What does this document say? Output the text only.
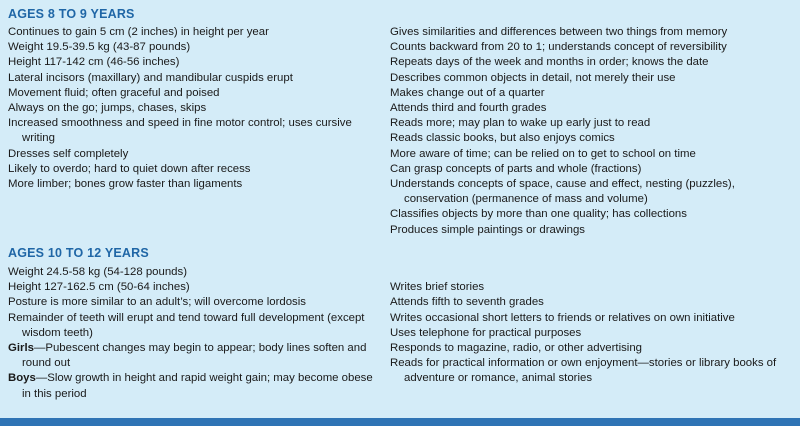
AGES 8 TO 9 YEARS
Continues to gain 5 cm (2 inches) in height per year
Weight 19.5-39.5 kg (43-87 pounds)
Height 117-142 cm (46-56 inches)
Lateral incisors (maxillary) and mandibular cuspids erupt
Movement fluid; often graceful and poised
Always on the go; jumps, chases, skips
Increased smoothness and speed in fine motor control; uses cursive writing
Dresses self completely
Likely to overdo; hard to quiet down after recess
More limber; bones grow faster than ligaments
Gives similarities and differences between two things from memory
Counts backward from 20 to 1; understands concept of reversibility
Repeats days of the week and months in order; knows the date
Describes common objects in detail, not merely their use
Makes change out of a quarter
Attends third and fourth grades
Reads more; may plan to wake up early just to read
Reads classic books, but also enjoys comics
More aware of time; can be relied on to get to school on time
Can grasp concepts of parts and whole (fractions)
Understands concepts of space, cause and effect, nesting (puzzles), conservation (permanence of mass and volume)
Classifies objects by more than one quality; has collections
Produces simple paintings or drawings
AGES 10 TO 12 YEARS
Weight 24.5-58 kg (54-128 pounds)
Height 127-162.5 cm (50-64 inches)
Posture is more similar to an adult’s; will overcome lordosis
Remainder of teeth will erupt and tend toward full development (except wisdom teeth)
Girls—Pubescent changes may begin to appear; body lines soften and round out
Boys—Slow growth in height and rapid weight gain; may become obese in this period

Writes brief stories
Attends fifth to seventh grades
Writes occasional short letters to friends or relatives on own initiative
Uses telephone for practical purposes
Responds to magazine, radio, or other advertising
Reads for practical information or own enjoyment—stories or library books of adventure or romance, animal stories
